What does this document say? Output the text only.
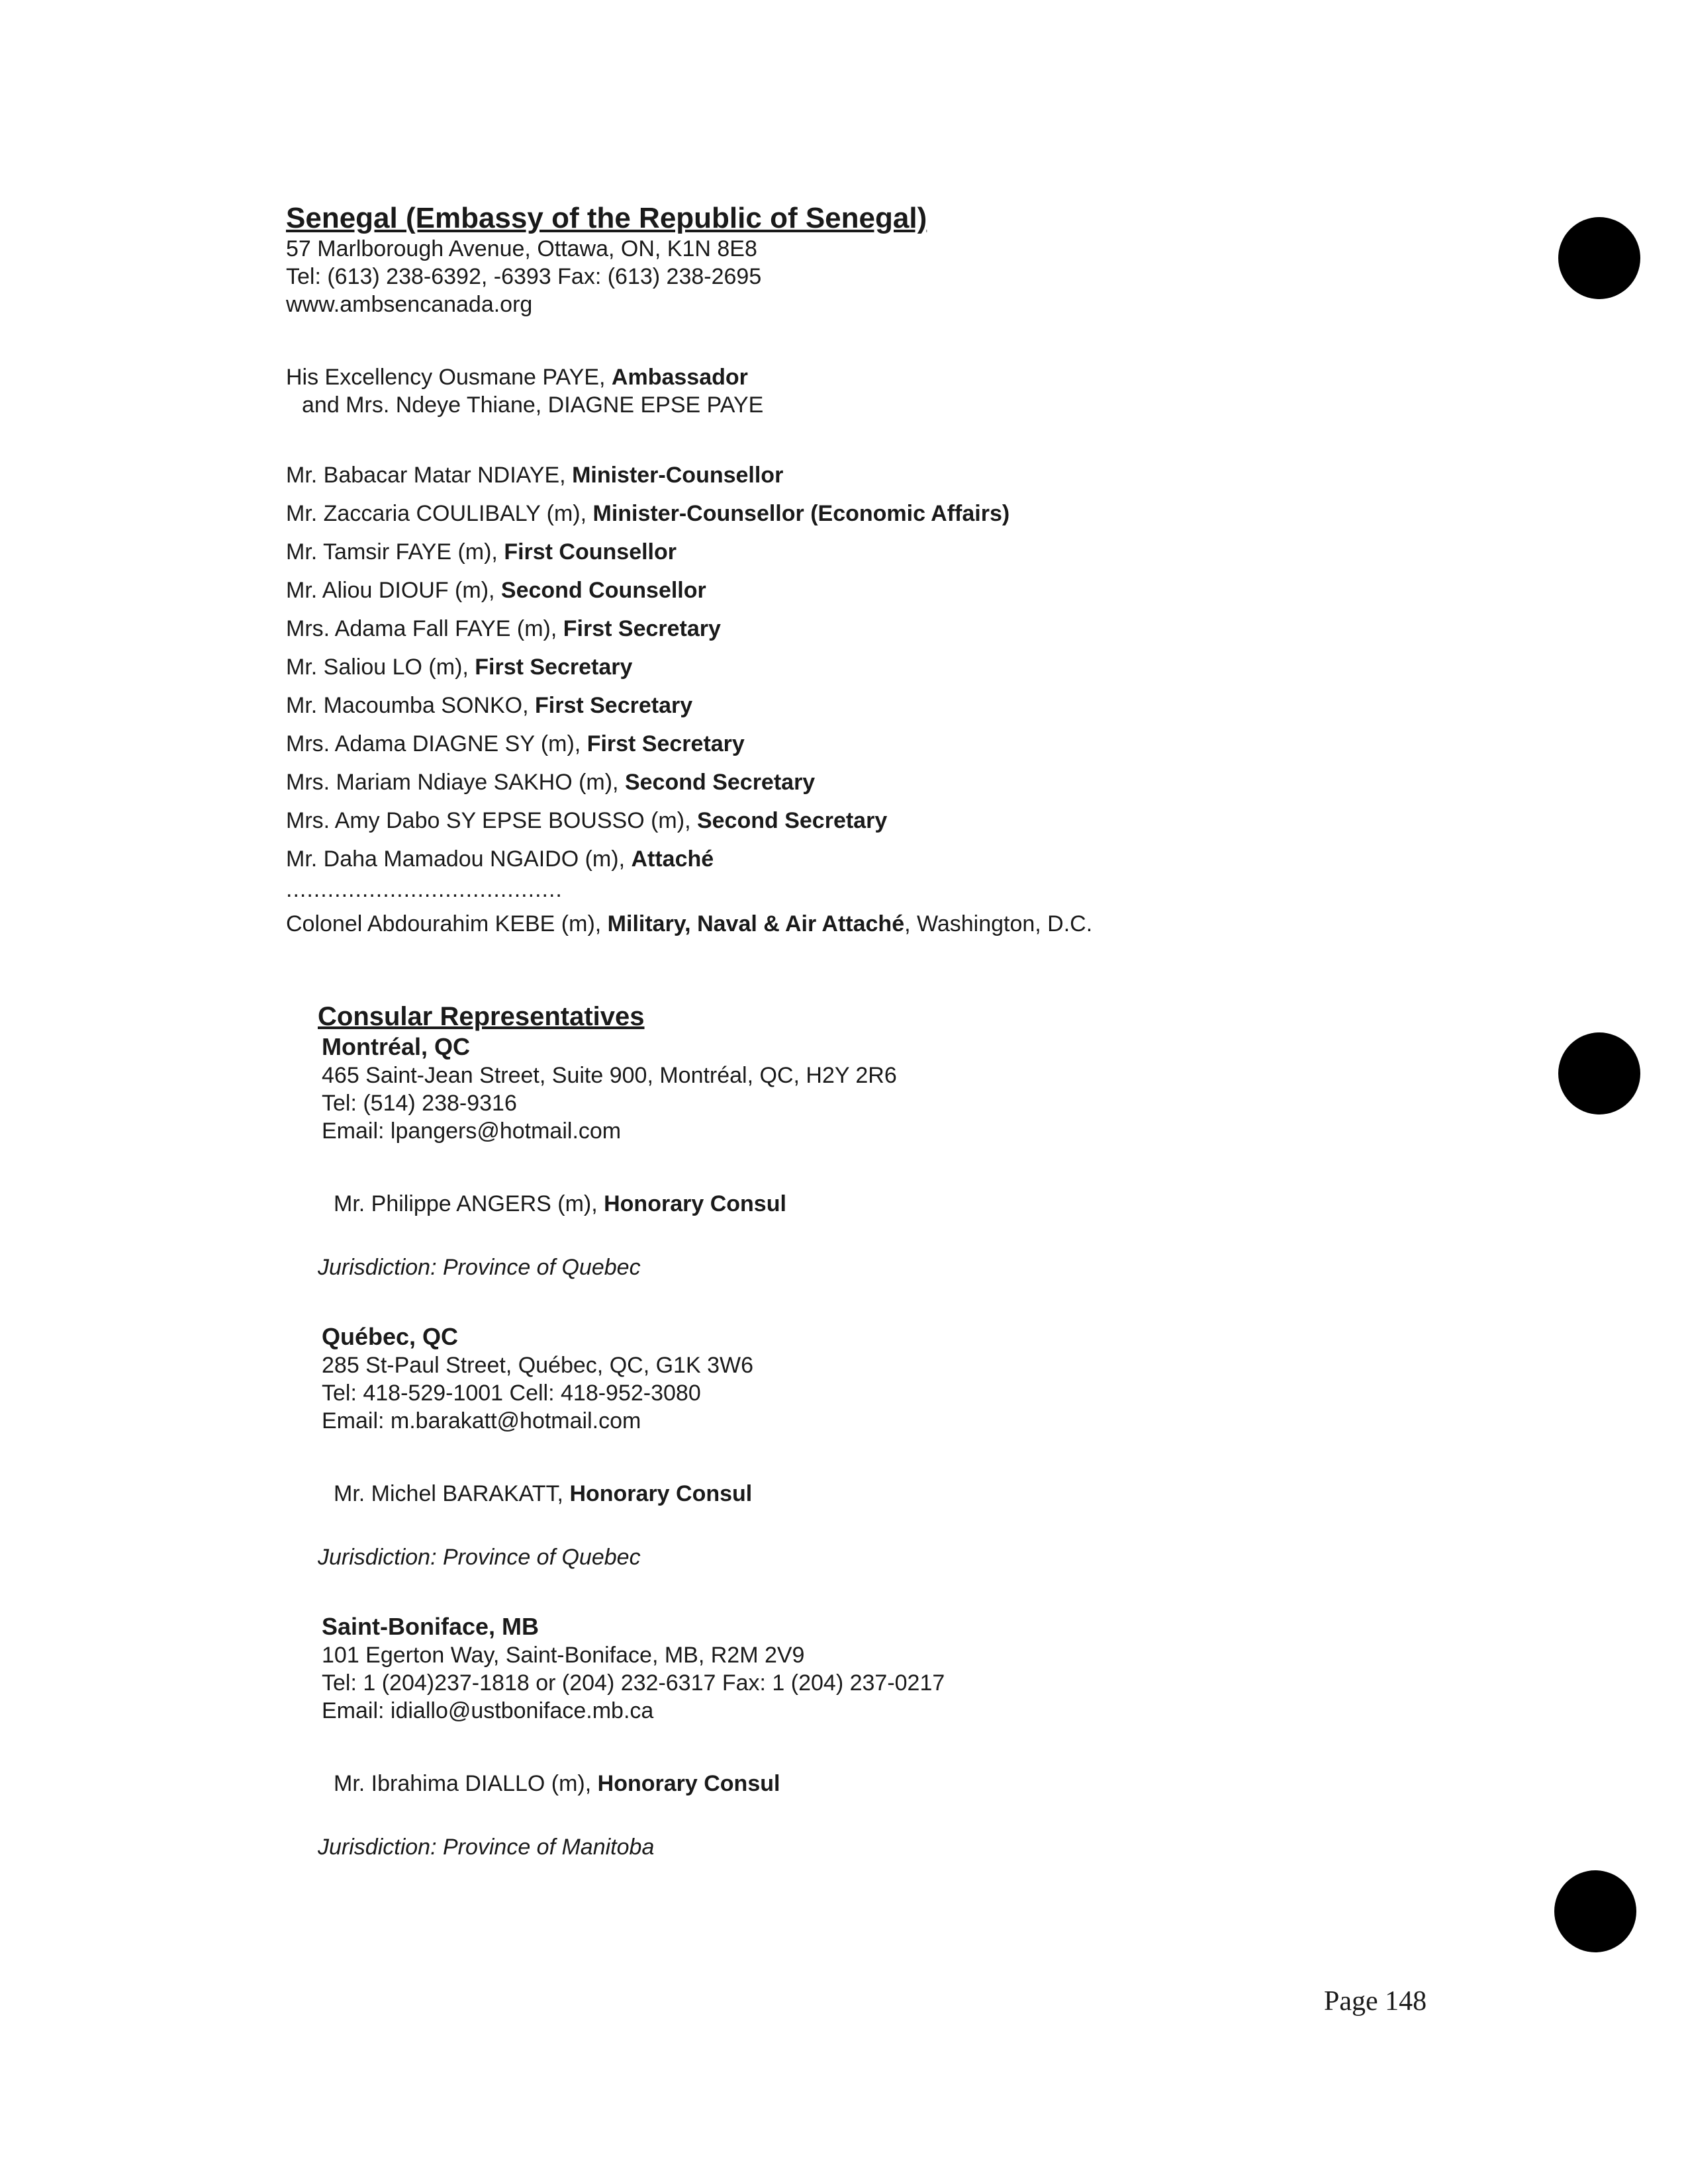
Senegal (Embassy of the Republic of Senegal)
57 Marlborough Avenue, Ottawa, ON, K1N 8E8
Tel: (613) 238-6392, -6393 Fax: (613) 238-2695
www.ambsencanada.org
His Excellency Ousmane PAYE, Ambassador
and Mrs. Ndeye Thiane, DIAGNE EPSE PAYE
Mr. Babacar Matar NDIAYE, Minister-Counsellor
Mr. Zaccaria COULIBALY (m), Minister-Counsellor (Economic Affairs)
Mr. Tamsir FAYE (m), First Counsellor
Mr. Aliou DIOUF (m), Second Counsellor
Mrs. Adama Fall FAYE (m), First Secretary
Mr. Saliou LO (m), First Secretary
Mr. Macoumba SONKO, First Secretary
Mrs. Adama DIAGNE SY (m), First Secretary
Mrs. Mariam Ndiaye SAKHO (m), Second Secretary
Mrs. Amy Dabo SY EPSE BOUSSO (m), Second Secretary
Mr. Daha Mamadou NGAIDO (m), Attaché
........................................
Colonel Abdourahim KEBE (m), Military, Naval & Air Attaché, Washington, D.C.
Consular Representatives
Montréal, QC
465 Saint-Jean Street, Suite 900, Montréal, QC, H2Y 2R6
Tel: (514) 238-9316
Email: lpangers@hotmail.com
Mr. Philippe ANGERS (m), Honorary Consul
Jurisdiction: Province of Quebec
Québec, QC
285 St-Paul Street, Québec, QC, G1K 3W6
Tel: 418-529-1001 Cell: 418-952-3080
Email: m.barakatt@hotmail.com
Mr. Michel BARAKATT, Honorary Consul
Jurisdiction: Province of Quebec
Saint-Boniface, MB
101 Egerton Way, Saint-Boniface, MB, R2M 2V9
Tel: 1 (204)237-1818 or (204) 232-6317 Fax: 1 (204) 237-0217
Email: idiallo@ustboniface.mb.ca
Mr. Ibrahima DIALLO (m), Honorary Consul
Jurisdiction: Province of Manitoba
Page 148
